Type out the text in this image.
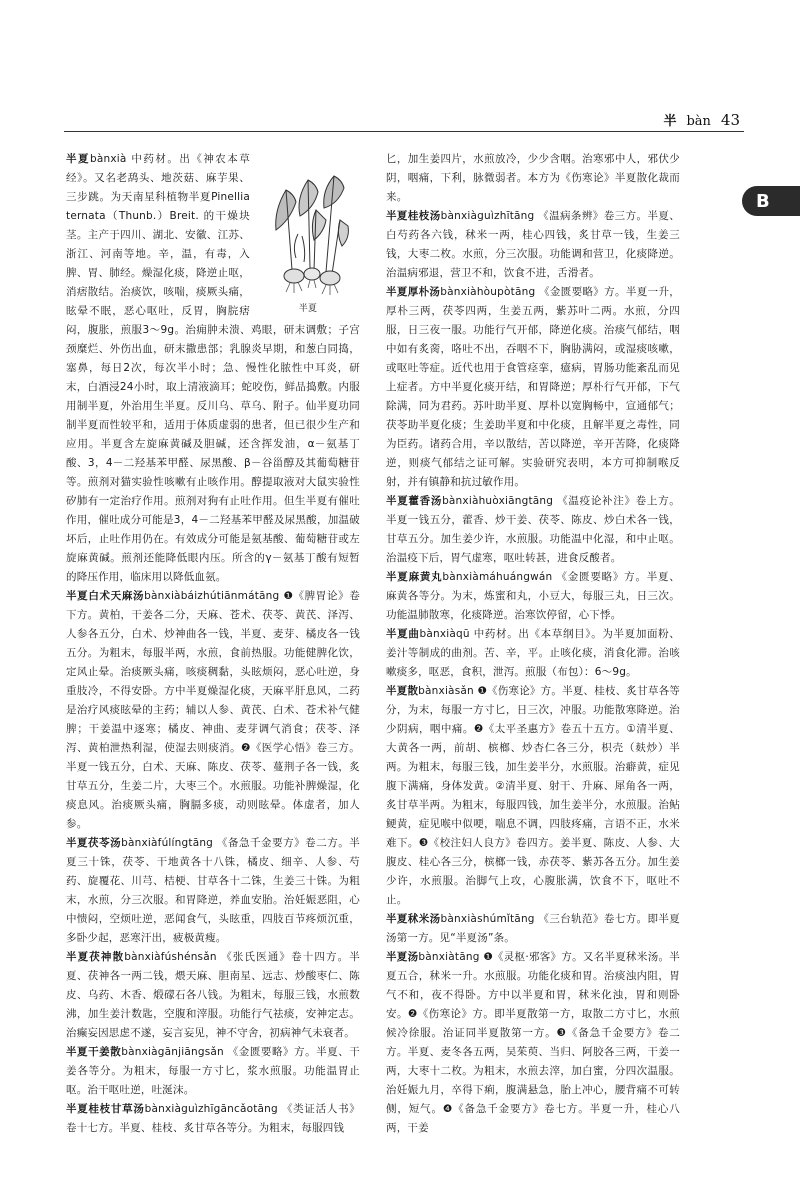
半 bàn 43
B

半夏
半夏bànxià 中药材。出《神农本草经》。又名老鸹头、地茨菇、麻芋果、三步跳。为天南星科植物半夏Pinellia ternata（Thunb.）Breit. 的干燥块茎。主产于四川、湖北、安徽、江苏、浙江、河南等地。辛，温，有毒，入脾、胃、肺经。燥湿化痰，降逆止呕，消痞散结。治痰饮，咳喘，痰厥头痛，眩晕不眠，恶心呕吐，反胃，胸脘痞闷，腹胀，煎服3～9g。治痈肿未溃、鸡眼，研末调敷；子宫颈糜烂、外伤出血，研末撒患部；乳腺炎早期，和葱白同捣，塞鼻，每日2次，每次半小时；急、慢性化脓性中耳炎，研末，白酒浸24小时，取上清液滴耳；蛇咬伤，鲜品捣敷。内服用制半夏，外治用生半夏。反川乌、草乌、附子。仙半夏功同制半夏而性较平和，适用于体质虚弱的患者，但已很少生产和应用。半夏含左旋麻黄碱及胆碱，还含挥发油，α－氨基丁酸、3，4－二羟基苯甲醛、尿黑酸、β－谷甾醇及其葡萄糖苷等。煎剂对猫实验性咳嗽有止咳作用。醇提取液对大鼠实验性矽肺有一定治疗作用。煎剂对狗有止吐作用。但生半夏有催吐作用，催吐成分可能是3，4－二羟基苯甲醛及尿黑酸，加温破坏后，止吐作用仍在。有效成分可能是氨基酸、葡萄糖苷或左旋麻黄碱。煎剂还能降低眼内压。所含的γ－氨基丁酸有短暂的降压作用，临床用以降低血氨。

半夏白术天麻汤bànxiàbáizhútiānmátāng ❶《脾胃论》卷下方。黄柏，干姜各二分，天麻、苍术、茯苓、黄芪、泽泻、人参各五分，白术、炒神曲各一钱，半夏、麦芽、橘皮各一钱五分。为粗末，每服半两，水煎，食前热服。功能健脾化饮，定风止晕。治痰厥头痛，咳痰稠黏，头眩烦闷，恶心吐逆，身重肢冷，不得安卧。方中半夏燥湿化痰，天麻平肝息风，二药是治疗风痰眩晕的主药；辅以人参、黄芪、白术、苍术补气健脾；干姜温中逐寒；橘皮、神曲、麦芽调气消食；茯苓、泽泻、黄柏泄热利湿，使湿去则痰消。❷《医学心悟》卷三方。半夏一钱五分，白术、天麻、陈皮、茯苓、蔓荆子各一钱，炙甘草五分，生姜二片，大枣三个。水煎服。功能补脾燥湿，化痰息风。治痰厥头痛，胸膈多痰，动则眩晕。体虚者，加人参。

半夏茯苓汤bànxiàfúlíngtāng 《备急千金要方》卷二方。半夏三十铢，茯苓、干地黄各十八铢，橘皮、细辛、人参、芍药、旋覆花、川芎、桔梗、甘草各十二铢，生姜三十铢。为粗末，水煎，分三次服。和胃降逆，养血安胎。治妊娠恶阻，心中愦闷，空烦吐逆，恶闻食气，头眩重，四肢百节疼烦沉重，多卧少起，恶寒汗出，疲极黄瘦。

半夏茯神散bànxiàfúshénsǎn 《张氏医通》卷十四方。半夏、茯神各一两二钱，煨天麻、胆南星、远志、炒酸枣仁、陈皮、乌药、木香、煅礞石各八钱。为粗末，每服三钱，水煎数沸，加生姜汁数匙，空腹和滓服。功能行气祛痰，安神定志。治癫妄因思虑不遂，妄言妄见，神不守舍，初病神气未衰者。

半夏干姜散bànxiàgānjiāngsǎn 《金匮要略》方。半夏、干姜各等分。为粗末，每服一方寸匕，浆水煎服。功能温胃止呕。治干呕吐逆，吐涎沫。

半夏桂枝甘草汤bànxiàguìzhīgāncǎotāng 《类证活人书》卷十七方。半夏、桂枝、炙甘草各等分。为粗末，每服四钱

匕，加生姜四片，水煎放冷，少少含咽。治寒邪中人，邪伏少阴，咽痛，下利，脉微弱者。本方为《伤寒论》半夏散化裁而来。

半夏桂枝汤bànxiàguìzhītāng 《温病条辨》卷三方。半夏、白芍药各六钱，秫米一两，桂心四钱，炙甘草一钱，生姜三钱，大枣二枚。水煎，分三次服。功能调和营卫，化痰降逆。治温病邪退，营卫不和，饮食不进，舌滑者。

半夏厚朴汤bànxiàhòupòtāng 《金匮要略》方。半夏一升，厚朴三两，茯苓四两，生姜五两，紫苏叶二两。水煎，分四服，日三夜一服。功能行气开郁，降逆化痰。治痰气郁结，咽中如有炙脔，咯吐不出，吞咽不下，胸胁满闷，或湿痰咳嗽，或呕吐等症。近代也用于食管痉挛，癔病，胃肠功能紊乱而见上症者。方中半夏化痰开结，和胃降逆；厚朴行气开郁，下气除满，同为君药。苏叶助半夏、厚朴以宽胸畅中，宣通郁气；茯苓助半夏化痰；生姜助半夏和中化痰，且解半夏之毒性，同为臣药。诸药合用，辛以散结，苦以降逆，辛开苦降，化痰降逆，则痰气郁结之证可解。实验研究表明，本方可抑制喉反射，并有镇静和抗过敏作用。

半夏藿香汤bànxiàhuòxiāngtāng 《温疫论补注》卷上方。半夏一钱五分，藿香、炒干姜、茯苓、陈皮、炒白术各一钱，甘草五分。加生姜少许，水煎服。功能温中化湿，和中止呕。治温疫下后，胃气虚寒，呕吐转甚，进食反酸者。

半夏麻黄丸bànxiàmáhuángwán 《金匮要略》方。半夏、麻黄各等分。为末，炼蜜和丸，小豆大，每服三丸，日三次。功能温肺散寒，化痰降逆。治寒饮停留，心下悸。

半夏曲bànxiàqū 中药材。出《本草纲目》。为半夏加面粉、姜汁等制成的曲剂。苦、辛，平。止咳化痰，消食化滞。治咳嗽痰多，呕恶，食积，泄泻。煎服（布包）：6～9g。

半夏散bànxiàsǎn ❶《伤寒论》方。半夏、桂枝、炙甘草各等分，为末，每服一方寸匕，日三次，冲服。功能散寒降逆。治少阴病，咽中痛。❷《太平圣惠方》卷五十五方。①清半夏、大黄各一两，前胡、槟榔、炒杏仁各三分，枳壳（麸炒）半两。为粗末，每服三钱，加生姜半分，水煎服。治癖黄，症见腹下满痛，身体发黄。②清半夏、射干、升麻、犀角各一两，炙甘草半两。为粗末，每服四钱，加生姜半分，水煎服。治鲇鲠黄，症见喉中似哽，喘息不调，四肢疼痛，言语不正，水米难下。❸《校注妇人良方》卷四方。姜半夏、陈皮、人参、大腹皮、桂心各三分，槟榔一钱，赤茯苓、紫苏各五分。加生姜少许，水煎服。治脚气上攻，心腹胀满，饮食不下，呕吐不止。

半夏秫米汤bànxiàshúmǐtāng 《三台轨范》卷七方。即半夏汤第一方。见“半夏汤”条。

半夏汤bànxiàtāng ❶《灵枢·邪客》方。又名半夏秫米汤。半夏五合，秫米一升。水煎服。功能化痰和胃。治痰浊内阻，胃气不和，夜不得卧。方中以半夏和胃，秫米化浊，胃和则卧安。❷《伤寒论》方。即半夏散第一方，取散二方寸匕，水煎候冷徐服。治证同半夏散第一方。❸《备急千金要方》卷二方。半夏、麦冬各五两，吴茱萸、当归、阿胶各三两，干姜一两，大枣十二枚。为粗末，水煎去滓，加白蜜，分四次温服。治妊娠九月，卒得下痢，腹满悬急，胎上冲心，腰背痛不可转侧，短气。❹《备急千金要方》卷七方。半夏一升，桂心八两，干姜
